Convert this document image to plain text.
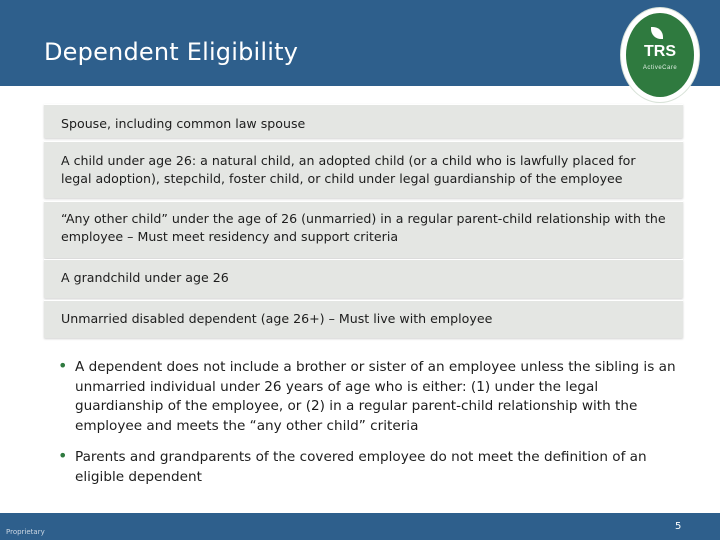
Dependent Eligibility	TRS
ActiveCare
Spouse, including common law spouse
A child under age 26: a natural child, an adopted child (or a child who is lawfully placed for legal adoption), stepchild, foster child, or child under legal guardianship of the employee
“Any other child” under the age of 26 (unmarried) in a regular parent-child relationship with the employee – Must meet residency and support criteria
A grandchild under age 26
Unmarried disabled dependent (age 26+) – Must live with employee
• A dependent does not include a brother or sister of an employee unless the sibling is an unmarried individual under 26 years of age who is either: (1) under the legal guardianship of the employee, or (2) in a regular parent-child relationship with the employee and meets the “any other child” criteria
• Parents and grandparents of the covered employee do not meet the definition of an eligible dependent
Proprietary	5
